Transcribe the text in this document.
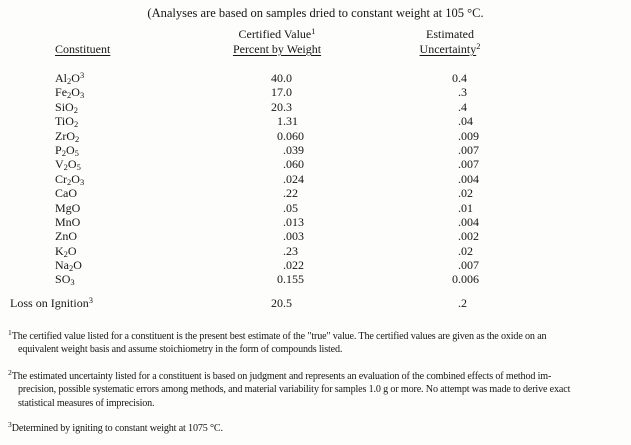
(Analyses are based on samples dried to constant weight at 105 °C.
Certified Value$^1$	Estimated
Constituent	Percent by Weight	Uncertainty$^2$
$Al_2O^3$	40 .0	0 .4
$Fe_2O_3$	17 .0	.3
SiO$_2$	20 .3	.4
TiO$_2$	1 .31	.04
ZrO$_2$	0 .060	.009
$P_2O_5$	.039	.007
$V_2O_5$	.060	.007
$Cr_2O_3$	.024	.004
CaO	.22	.02
MgO	.05	.01
MnO	.013	.004
ZnO	.003	.002
$K_2O$	.23	.02
$Na_2O$	.022	.007
$SO_3$	0 .155	0 .006
Loss on Ignition$^3$	20 .5	.2
$^1$The certified value listed for a constituent is the present best estimate of the "true" value. The certified values are given as the oxide on an
equivalent weight basis and assume stoichiometry in the form of compounds listed.
$^2$The estimated uncertainty listed for a constituent is based on judgment and represents an evaluation of the combined effects of method im-
precision, possible systematic errors among methods, and material variability for samples 1.0 g or more. No attempt was made to derive exact
statistical measures of imprecision.
$^3$Determined by igniting to constant weight at 1075 °C.
